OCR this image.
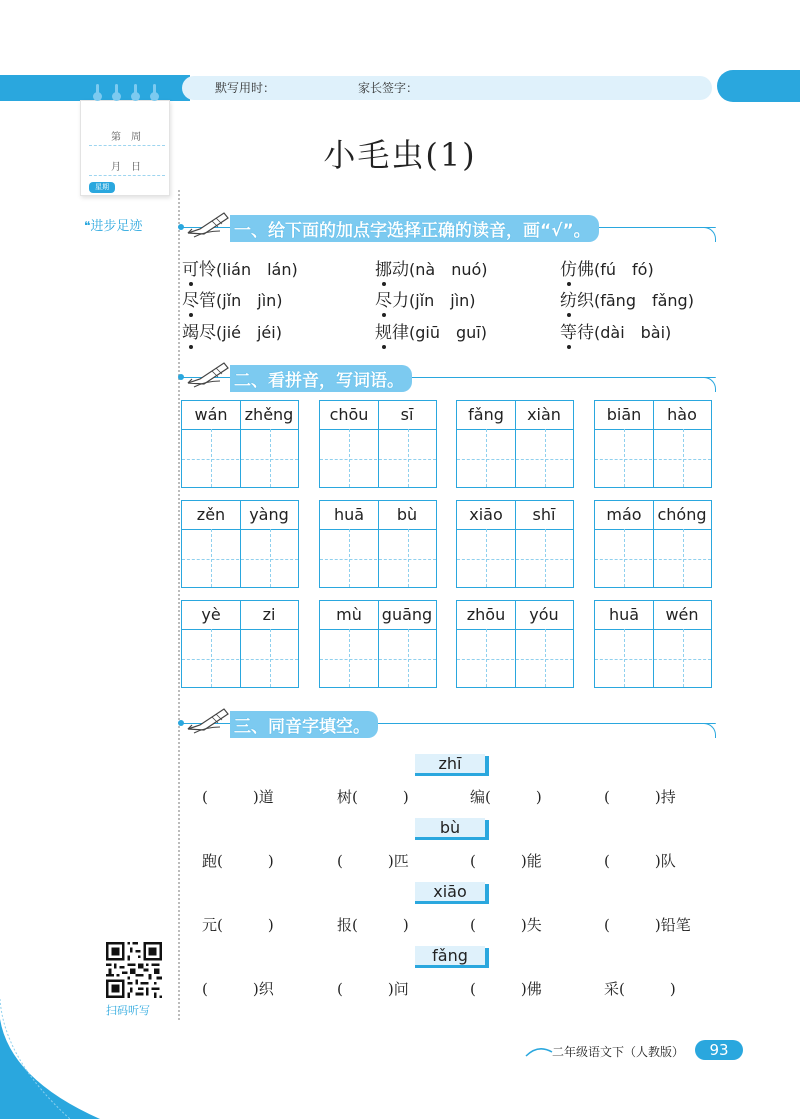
默写用时：	家长签字：
第　周
月　日
星期
❝进步足迹
小毛虫(1)
一、给下面的加点字选择正确的读音，画“√”。
可怜(lián　lán)	挪动(nà　nuó)	仿佛(fú　fó)
尽管(jǐn　jìn)	尽力(jǐn　jìn)	纺织(fāng　fǎng)
竭尽(jié　jéi)	规律(giū　guī)	等待(dài　bài)
二、看拼音，写词语。
wán	zhěng	chōu	sī	fǎng	xiàn	biān	hào
zěn	yàng	huā	bù	xiāo	shī	máo chóng
yè	zi	mù	guāng	zhōu	yóu	huā	wén
三、同音字填空。
zhī
(　　　)道	树(　　　)	编(　　　)	(　　　)持
bù
跑(　　　)	(　　　)匹	(　　　)能	(　　　)队
xiāo
元(　　　)	报(　　　)	(　　　)失	(　　　)铅笔
fǎng
(　　　)织	(　　　)问	(　　　)佛	采(　　　)
扫码听写
二年级语文下（人教版）	93
